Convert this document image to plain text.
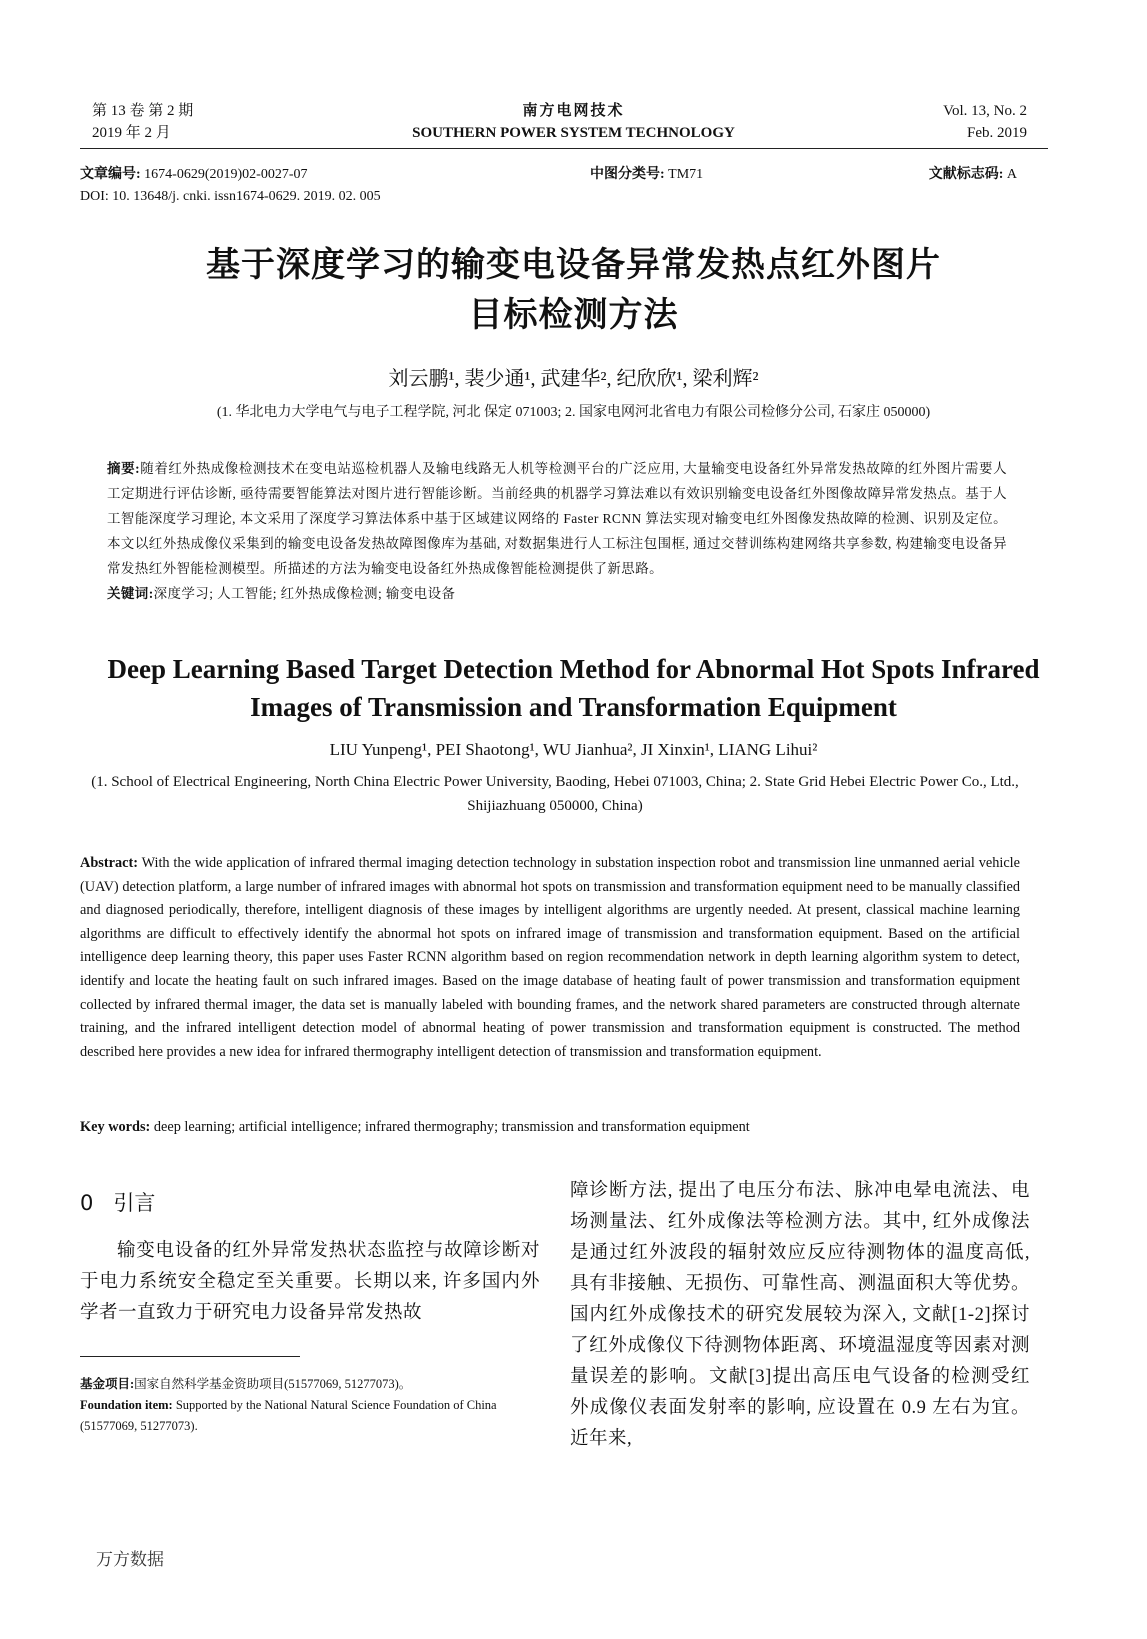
第 13 卷 第 2 期
2019 年 2 月
南方电网技术
SOUTHERN POWER SYSTEM TECHNOLOGY
Vol. 13, No. 2
Feb. 2019
文章编号: 1674-0629(2019)02-0027-07
DOI: 10. 13648/j. cnki. issn1674-0629. 2019. 02. 005
中图分类号: TM71	文献标志码: A
基于深度学习的输变电设备异常发热点红外图片
目标检测方法
刘云鹏¹, 裴少通¹, 武建华², 纪欣欣¹, 梁利辉²
(1. 华北电力大学电气与电子工程学院, 河北 保定 071003; 2. 国家电网河北省电力有限公司检修分公司, 石家庄 050000)
摘要:随着红外热成像检测技术在变电站巡检机器人及输电线路无人机等检测平台的广泛应用, 大量输变电设备红外异常发热故障的红外图片需要人工定期进行评估诊断, 亟待需要智能算法对图片进行智能诊断。当前经典的机器学习算法难以有效识别输变电设备红外图像故障异常发热点。基于人工智能深度学习理论, 本文采用了深度学习算法体系中基于区域建议网络的 Faster RCNN 算法实现对输变电红外图像发热故障的检测、识别及定位。本文以红外热成像仪采集到的输变电设备发热故障图像库为基础, 对数据集进行人工标注包围框, 通过交替训练构建网络共享参数, 构建输变电设备异常发热红外智能检测模型。所描述的方法为输变电设备红外热成像智能检测提供了新思路。
关键词:深度学习; 人工智能; 红外热成像检测; 输变电设备
Deep Learning Based Target Detection Method for Abnormal Hot Spots Infrared
Images of Transmission and Transformation Equipment
LIU Yunpeng¹, PEI Shaotong¹, WU Jianhua², JI Xinxin¹, LIANG Lihui²
(1. School of Electrical Engineering, North China Electric Power University, Baoding, Hebei 071003, China; 2. State Grid Hebei Electric Power Co., Ltd., Shijiazhuang 050000, China)
Abstract: With the wide application of infrared thermal imaging detection technology in substation inspection robot and transmission line unmanned aerial vehicle (UAV) detection platform, a large number of infrared images with abnormal hot spots on transmission and transformation equipment need to be manually classified and diagnosed periodically, therefore, intelligent diagnosis of these images by intelligent algorithms are urgently needed. At present, classical machine learning algorithms are difficult to effectively identify the abnormal hot spots on infrared image of transmission and transformation equipment. Based on the artificial intelligence deep learning theory, this paper uses Faster RCNN algorithm based on region recommendation network in depth learning algorithm system to detect, identify and locate the heating fault on such infrared images. Based on the image database of heating fault of power transmission and transformation equipment collected by infrared thermal imager, the data set is manually labeled with bounding frames, and the network shared parameters are constructed through alternate training, and the infrared intelligent detection model of abnormal heating of power transmission and transformation equipment is constructed. The method described here provides a new idea for infrared thermography intelligent detection of transmission and transformation equipment.
Key words: deep learning; artificial intelligence; infrared thermography; transmission and transformation equipment
0 引言

输变电设备的红外异常发热状态监控与故障诊断对于电力系统安全稳定至关重要。长期以来, 许多国内外学者一直致力于研究电力设备异常发热故

障诊断方法, 提出了电压分布法、脉冲电晕电流法、电场测量法、红外成像法等检测方法。其中, 红外成像法是通过红外波段的辐射效应反应待测物体的温度高低, 具有非接触、无损伤、可靠性高、测温面积大等优势。国内红外成像技术的研究发展较为深入, 文献[1-2]探讨了红外成像仪下待测物体距离、环境温湿度等因素对测量误差的影响。文献[3]提出高压电气设备的检测受红外成像仪表面发射率的影响, 应设置在 0.9 左右为宜。近年来,
基金项目:国家自然科学基金资助项目(51577069, 51277073)。
Foundation item: Supported by the National Natural Science Foundation of China (51577069, 51277073).
万方数据
